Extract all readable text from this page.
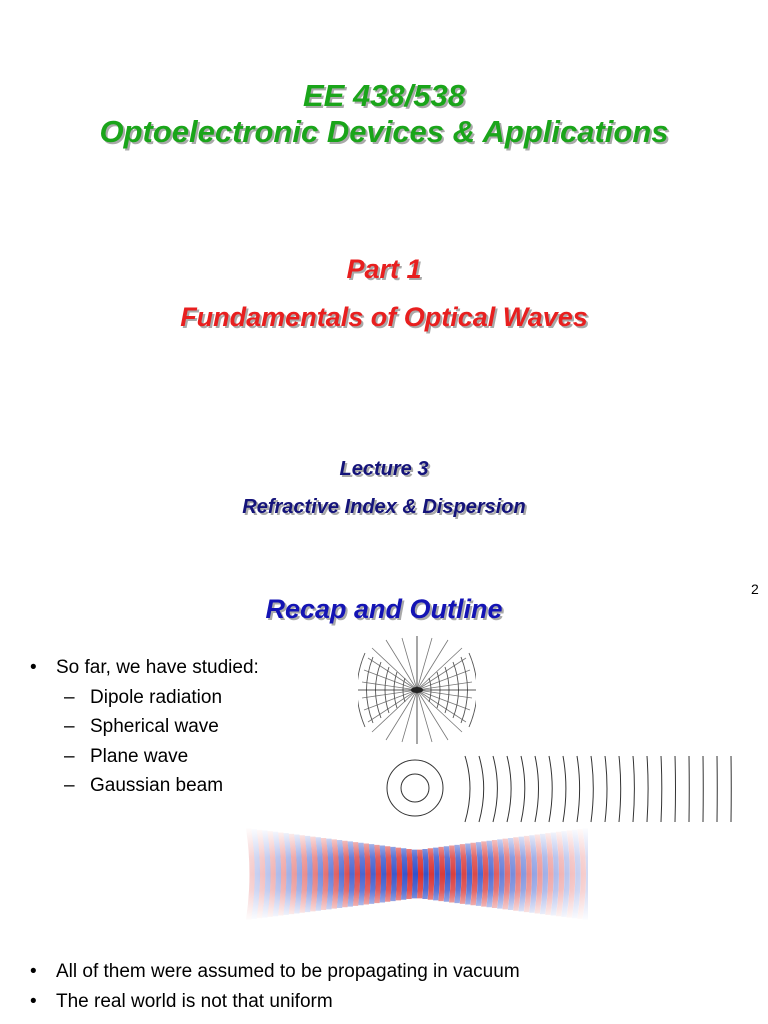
EE 438/538
Optoelectronic Devices & Applications
Part 1
Fundamentals of Optical Waves
Lecture 3
Refractive Index & Dispersion
2
Recap and Outline
• So far, we have studied:
– Dipole radiation
– Spherical wave
– Plane wave
– Gaussian beam
• All of them were assumed to be propagating in vacuum
• The real world is not that uniform
